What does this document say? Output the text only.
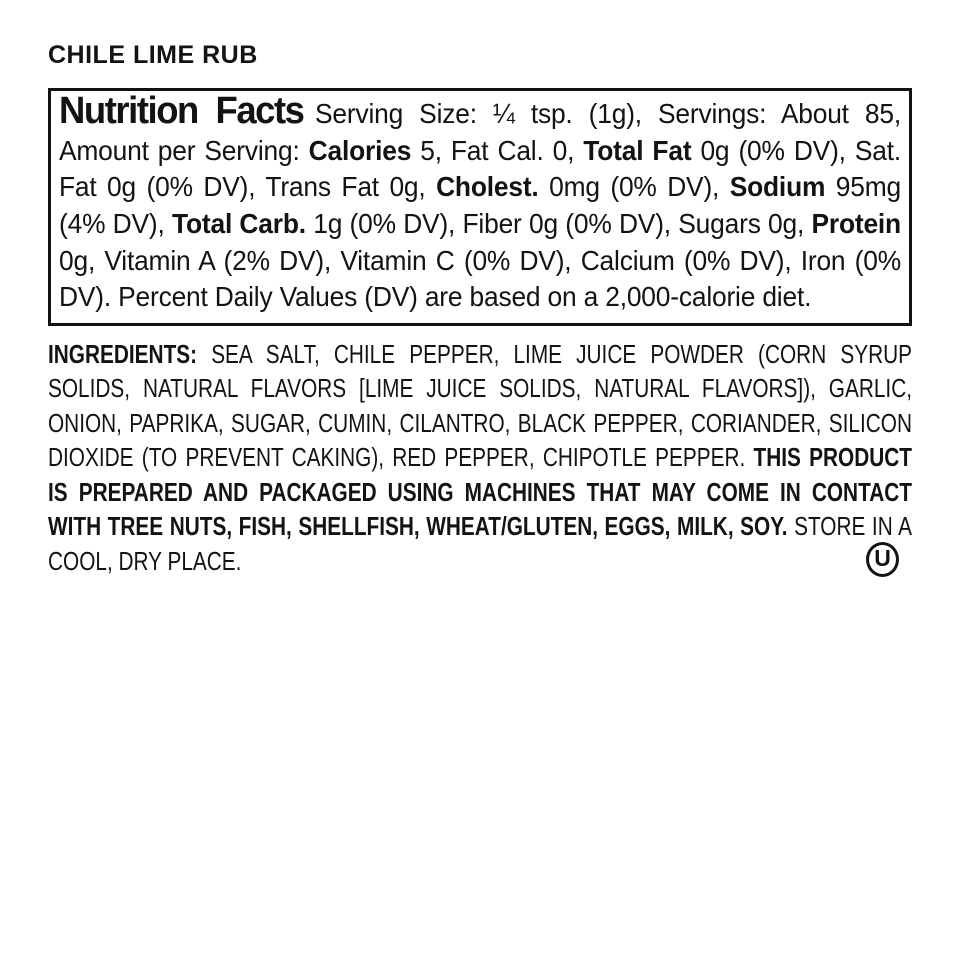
CHILE LIME RUB

Nutrition Facts Serving Size: ¼ tsp. (1g), Servings: About 85, Amount per Serving: Calories 5, Fat Cal. 0, Total Fat 0g (0% DV), Sat. Fat 0g (0% DV), Trans Fat 0g, Cholest. 0mg (0% DV), Sodium 95mg (4% DV), Total Carb. 1g (0% DV), Fiber 0g (0% DV), Sugars 0g, Protein 0g, Vitamin A (2% DV), Vitamin C (0% DV), Calcium (0% DV), Iron (0% DV). Percent Daily Values (DV) are based on a 2,000-calorie diet.

INGREDIENTS: SEA SALT, CHILE PEPPER, LIME JUICE POWDER (CORN SYRUP SOLIDS, NATURAL FLAVORS [LIME JUICE SOLIDS, NATURAL FLAVORS]), GARLIC, ONION, PAPRIKA, SUGAR, CUMIN, CILANTRO, BLACK PEPPER, CORIANDER, SILICON DIOXIDE (TO PREVENT CAKING), RED PEPPER, CHIPOTLE PEPPER. THIS PRODUCT IS PREPARED AND PACKAGED USING MACHINES THAT MAY COME IN CONTACT WITH TREE NUTS, FISH, SHELLFISH, WHEAT/GLUTEN, EGGS, MILK, SOY. STORE IN A COOL, DRY PLACE.	U
